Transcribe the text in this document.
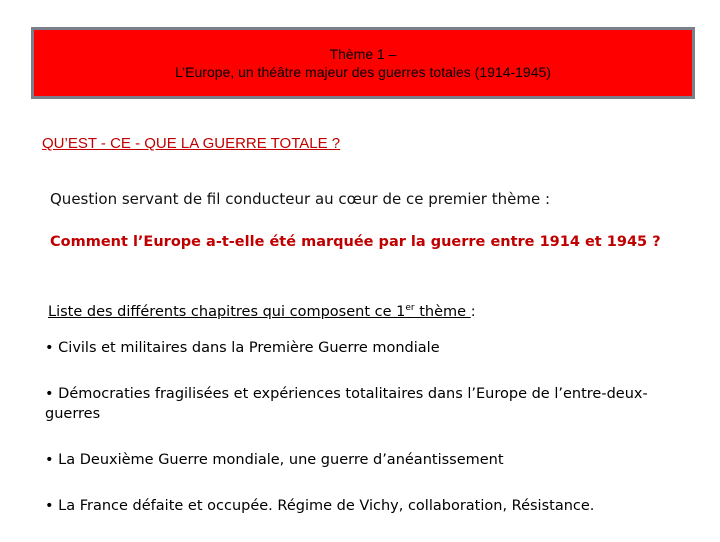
Thème 1 –
L’Europe, un théâtre majeur des guerres totales (1914-1945)
QU’EST - CE - QUE LA GUERRE TOTALE ?
Question servant de fil conducteur au cœur de ce premier thème :
Comment l’Europe a-t-elle été marquée par la guerre entre 1914 et 1945 ?
Liste des différents chapitres qui composent ce 1er thème :
• Civils et militaires dans la Première Guerre mondiale
• Démocraties fragilisées et expériences totalitaires dans l’Europe de l’entre-deux-guerres
• La Deuxième Guerre mondiale, une guerre d’anéantissement
• La France défaite et occupée. Régime de Vichy, collaboration, Résistance.
